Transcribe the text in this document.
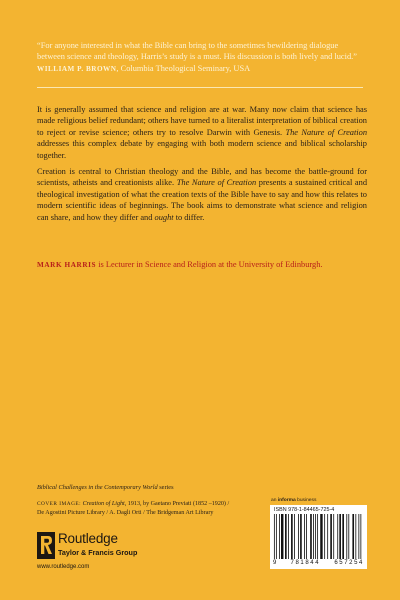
“For anyone interested in what the Bible can bring to the sometimes bewildering dialogue between science and theology, Harris’s study is a must. His discussion is both lively and lucid.” WILLIAM P. BROWN, Columbia Theological Seminary, USA

It is generally assumed that science and religion are at war. Many now claim that science has made religious belief redundant; others have turned to a literalist interpretation of biblical creation to reject or revise science; others try to resolve Darwin with Genesis. The Nature of Creation addresses this complex debate by engaging with both modern science and biblical scholarship together.

Creation is central to Christian theology and the Bible, and has become the battle-ground for scientists, atheists and creationists alike. The Nature of Creation presents a sustained critical and theological investigation of what the creation texts of the Bible have to say and how this relates to modern scientific ideas of beginnings. The book aims to demonstrate what science and religion can share, and how they differ and ought to differ.

MARK HARRIS is Lecturer in Science and Religion at the University of Edinburgh.
Biblical Challenges in the Contemporary World series
COVER IMAGE: Creation of Light, 1913, by Gaetano Previati (1852 –1920) /
De Agostini Picture Library / A. Dagli Orti / The Bridgeman Art Library
an informa business
ISBN 978-1-84465-725-4
9 781844 657254
Routledge
Taylor & Francis Group
www.routledge.com
